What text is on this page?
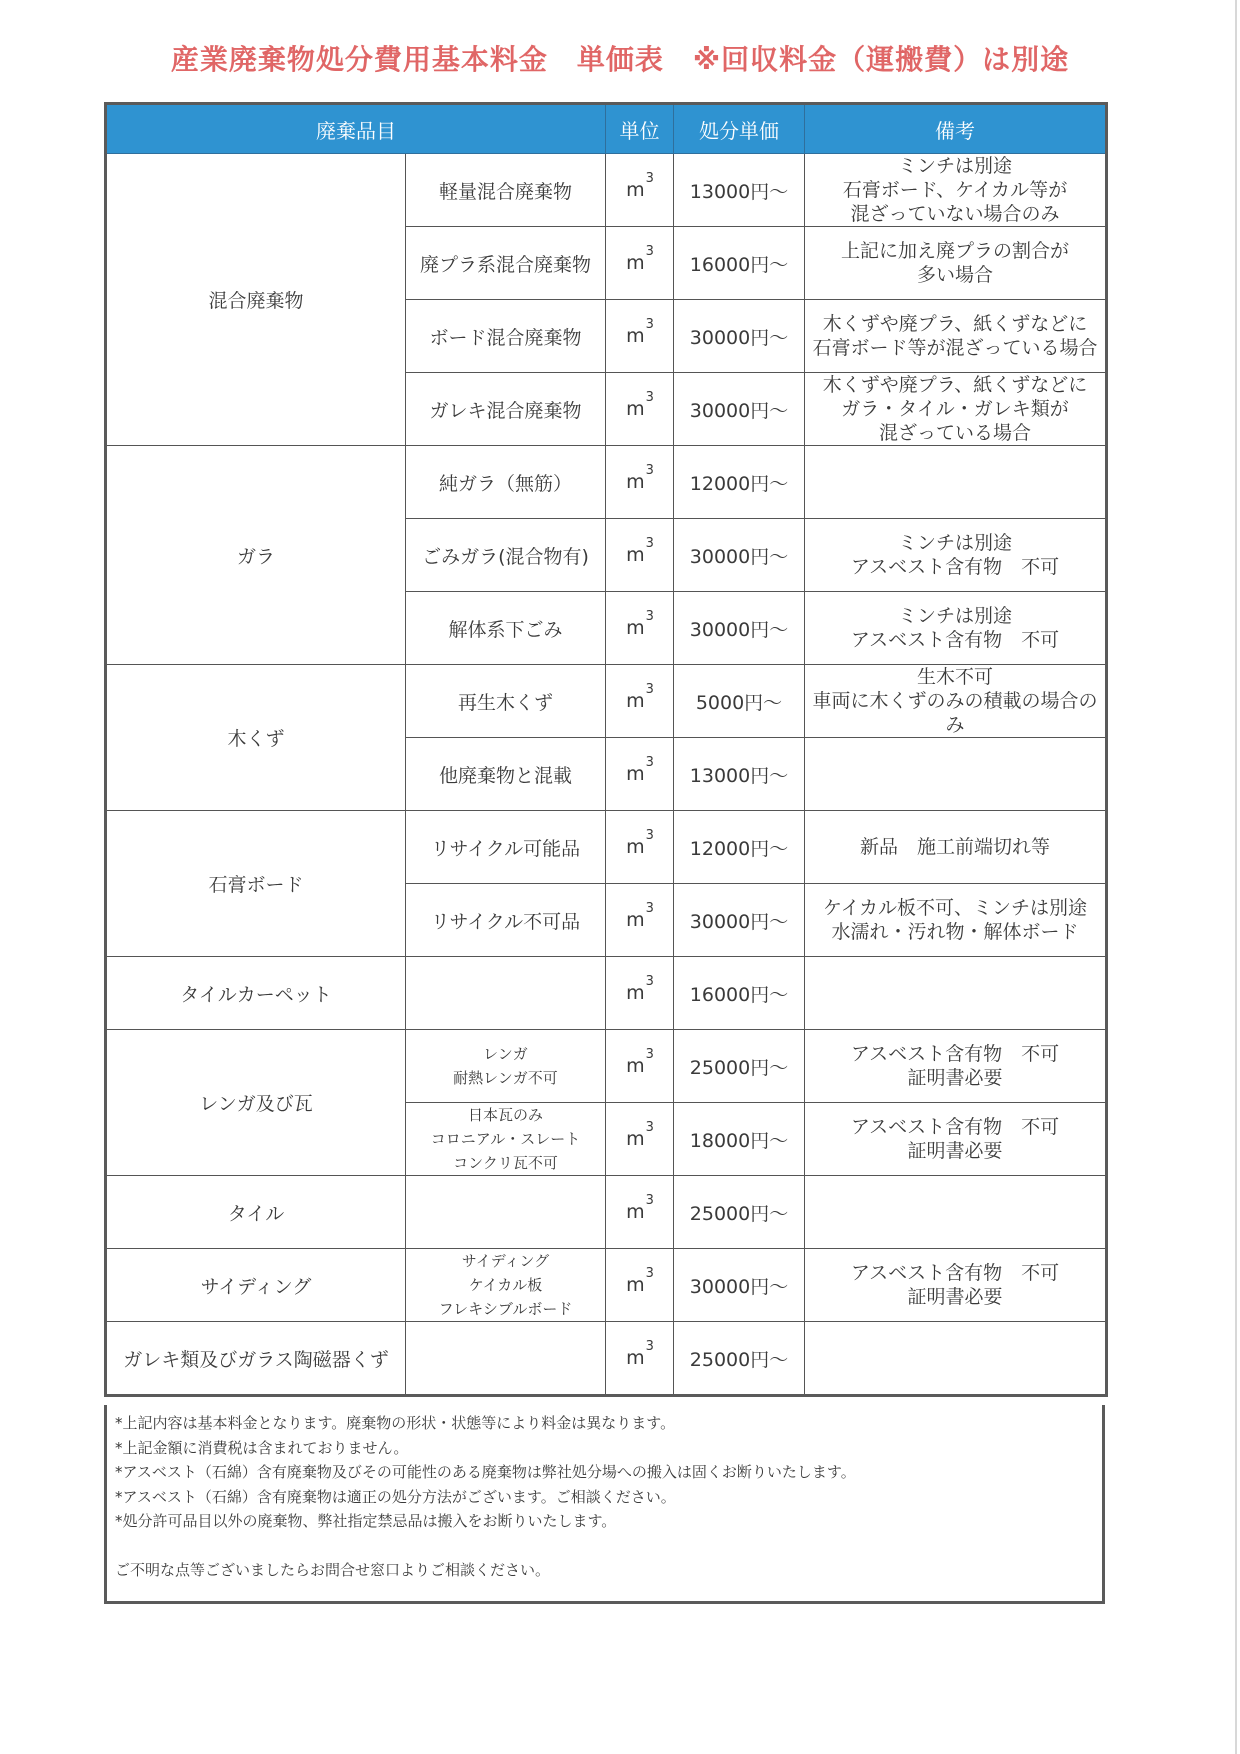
産業廃棄物処分費用基本料金　単価表　※回収料金（運搬費）は別途
廃棄品目		単位	処分単価	備考
混合廃棄物	軽量混合廃棄物	$m^3$	13000円～	ミンチは別途
石膏ボード、ケイカル等が
混ざっていない場合のみ
	廃プラ系混合廃棄物	$m^3$	16000円～	上記に加え廃プラの割合が
多い場合
	ボード混合廃棄物	$m^3$	30000円～	木くずや廃プラ、紙くずなどに
石膏ボード等が混ざっている場合
	ガレキ混合廃棄物	$m^3$	30000円～	木くずや廃プラ、紙くずなどに
ガラ・タイル・ガレキ類が
混ざっている場合
ガラ	純ガラ（無筋）	$m^3$	12000円～	
	ごみガラ(混合物有)	$m^3$	30000円～	ミンチは別途
アスベスト含有物　不可
	解体系下ごみ	$m^3$	30000円～	ミンチは別途
アスベスト含有物　不可
木くず	再生木くず	$m^3$	5000円～	生木不可
車両に木くずのみの積載の場合のみ
	他廃棄物と混載	$m^3$	13000円～	
石膏ボード	リサイクル可能品	$m^3$	12000円～	新品　施工前端切れ等
	リサイクル不可品	$m^3$	30000円～	ケイカル板不可、ミンチは別途
水濡れ・汚れ物・解体ボード
タイルカーペット		$m^3$	16000円～	
レンガ及び瓦	レンガ
耐熱レンガ不可	$m^3$	25000円～	アスベスト含有物　不可
証明書必要
	日本瓦のみ
コロニアル・スレート
コンクリ瓦不可	$m^3$	18000円～	アスベスト含有物　不可
証明書必要
タイル		$m^3$	25000円～	
サイディング	サイディング
ケイカル板
フレキシブルボード	$m^3$	30000円～	アスベスト含有物　不可
証明書必要
ガレキ類及びガラス陶磁器くず		$m^3$	25000円～	
*上記内容は基本料金となります。廃棄物の形状・状態等により料金は異なります。
*上記金額に消費税は含まれておりません。
*アスベスト（石綿）含有廃棄物及びその可能性のある廃棄物は弊社処分場への搬入は固くお断りいたします。
*アスベスト（石綿）含有廃棄物は適正の処分方法がございます。ご相談ください。
*処分許可品目以外の廃棄物、弊社指定禁忌品は搬入をお断りいたします。
ご不明な点等ございましたらお問合せ窓口よりご相談ください。
